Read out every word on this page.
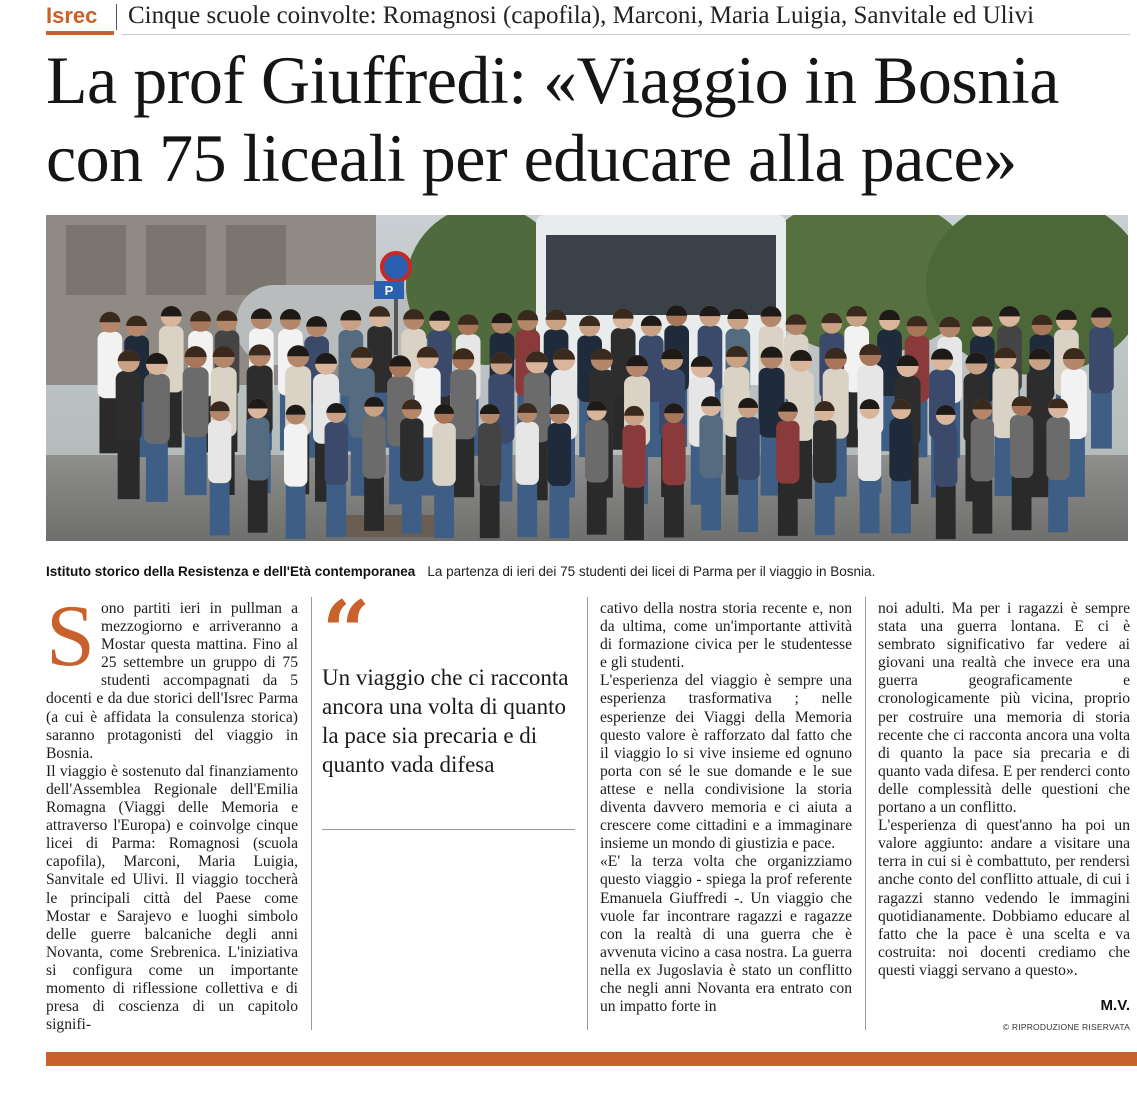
Isrec Cinque scuole coinvolte: Romagnosi (capofila), Marconi, Maria Luigia, Sanvitale ed Ulivi
La prof Giuffredi: «Viaggio in Bosnia
con 75 liceali per educare alla pace»
P
Istituto storico della Resistenza e dell'Età contemporanea La partenza di ieri dei 75 studenti dei licei di Parma per il viaggio in Bosnia.
S ono partiti ieri in pullman a mezzogiorno e arriveranno a Mostar questa mattina. Fino al 25 settembre un gruppo di 75 studenti accompagnati da 5 docenti e da due storici dell'Isrec Parma (a cui è affidata la consulenza storica) saranno protagonisti del viaggio in Bosnia.

Il viaggio è sostenuto dal finanziamento dell'Assemblea Regionale dell'Emilia Romagna (Viaggi delle Memoria e attraverso l'Europa) e coinvolge cinque licei di Parma: Romagnosi (scuola capofila), Marconi, Maria Luigia, Sanvitale ed Ulivi. Il viaggio toccherà le principali città del Paese come Mostar e Sarajevo e luoghi simbolo delle guerre balcaniche degli anni Novanta, come Srebrenica. L'iniziativa si configura come un importante momento di riflessione collettiva e di presa di coscienza di un capitolo signifi-

“
Un viaggio che ci racconta ancora una volta di quanto la pace sia precaria e di quanto vada difesa

cativo della nostra storia recente e, non da ultima, come un'importante attività di formazione civica per le studentesse e gli studenti.

L'esperienza del viaggio è sempre una esperienza trasformativa ; nelle esperienze dei Viaggi della Memoria questo valore è rafforzato dal fatto che il viaggio lo si vive insieme ed ognuno porta con sé le sue domande e le sue attese e nella condivisione la storia diventa davvero memoria e ci aiuta a crescere come cittadini e a immaginare insieme un mondo di giustizia e pace.

«E' la terza volta che organizziamo questo viaggio - spiega la prof referente Emanuela Giuffredi -. Un viaggio che vuole far incontrare ragazzi e ragazze con la realtà di una guerra che è avvenuta vicino a casa nostra. La guerra nella ex Jugoslavia è stato un conflitto che negli anni Novanta era entrato con un impatto forte in

noi adulti. Ma per i ragazzi è sempre stata una guerra lontana. E ci è sembrato significativo far vedere ai giovani una realtà che invece era una guerra geograficamente e cronologicamente più vicina, proprio per costruire una memoria di storia recente che ci racconta ancora una volta di quanto la pace sia precaria e di quanto vada difesa. E per renderci conto delle complessità delle questioni che portano a un conflitto.

L'esperienza di quest'anno ha poi un valore aggiunto: andare a visitare una terra in cui si è combattuto, per rendersi anche conto del conflitto attuale, di cui i ragazzi stanno vedendo le immagini quotidianamente. Dobbiamo educare al fatto che la pace è una scelta e va costruita: noi docenti crediamo che questi viaggi servano a questo».

M.V.
© RIPRODUZIONE RISERVATA
